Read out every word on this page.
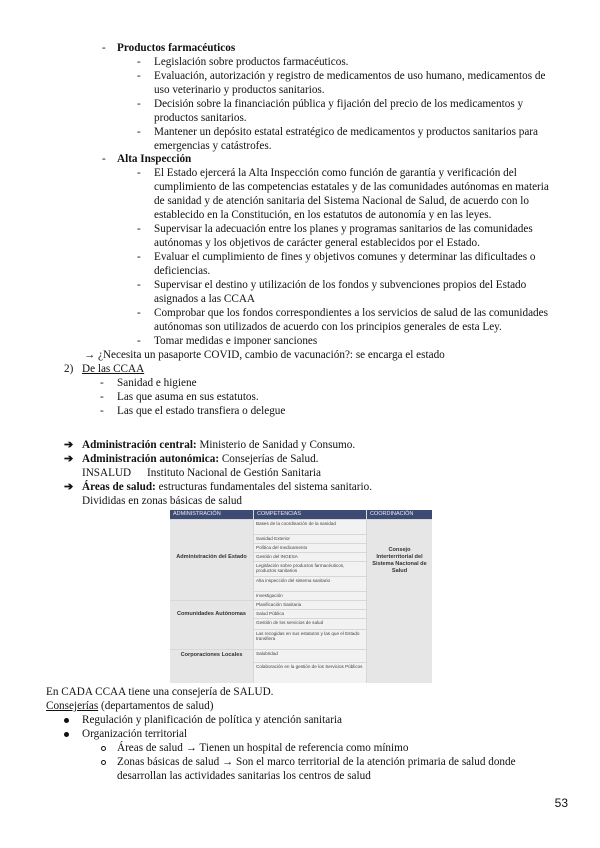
- Productos farmacéuticos
- Legislación sobre productos farmacéuticos.
- Evaluación, autorización y registro de medicamentos de uso humano, medicamentos de
uso veterinario y productos sanitarios.
- Decisión sobre la financiación pública y fijación del precio de los medicamentos y
productos sanitarios.
- Mantener un depósito estatal estratégico de medicamentos y productos sanitarios para
emergencias y catástrofes.
- Alta Inspección
- El Estado ejercerá la Alta Inspección como función de garantía y verificación del
cumplimiento de las competencias estatales y de las comunidades autónomas en materia
de sanidad y de atención sanitaria del Sistema Nacional de Salud, de acuerdo con lo
establecido en la Constitución, en los estatutos de autonomía y en las leyes.
- Supervisar la adecuación entre los planes y programas sanitarios de las comunidades
autónomas y los objetivos de carácter general establecidos por el Estado.
- Evaluar el cumplimiento de fines y objetivos comunes y determinar las dificultades o
deficiencias.
- Supervisar el destino y utilización de los fondos y subvenciones propios del Estado
asignados a las CCAA
- Comprobar que los fondos correspondientes a los servicios de salud de las comunidades
autónomas son utilizados de acuerdo con los principios generales de esta Ley.
- Tomar medidas e imponer sanciones
→ ¿Necesita un pasaporte COVID, cambio de vacunación?: se encarga el estado
2) De las CCAA
- Sanidad e higiene
- Las que asuma en sus estatutos.
- Las que el estado transfiera o delegue
➔ Administración central: Ministerio de Sanidad y Consumo.
➔ Administración autonómica: Consejerías de Salud.
INSALUD Instituto Nacional de Gestión Sanitaria
➔ Áreas de salud: estructuras fundamentales del sistema sanitario.
Divididas en zonas básicas de salud
ADMINISTRACIÓN	COMPETENCIAS	COORDINACIÓN
Administración del Estado
Comunidades Autónomas
Corporaciones Locales
Consejo Interterritorial del Sistema Nacional de Salud
Bases de la coordinación de la sanidad
Sanidad Exterior
Política del medicamento
Gestión del INGESA
Legislación sobre productos farmacéuticos, productos sanitarios
Alta inspección del sistema sanitario
Investigación
Planificación Sanitaria
Salud Pública
Gestión de los servicios de salud
Las recogidas en sus estatutos y las que el Estado transfiera
Salubridad
Colaboración en la gestión de los Servicios Públicos
En CADA CCAA tiene una consejería de SALUD.
Consejerías (departamentos de salud)
Regulación y planificación de política y atención sanitaria
Organización territorial
Áreas de salud → Tienen un hospital de referencia como mínimo
Zonas básicas de salud → Son el marco territorial de la atención primaria de salud donde
desarrollan las actividades sanitarias los centros de salud
53
